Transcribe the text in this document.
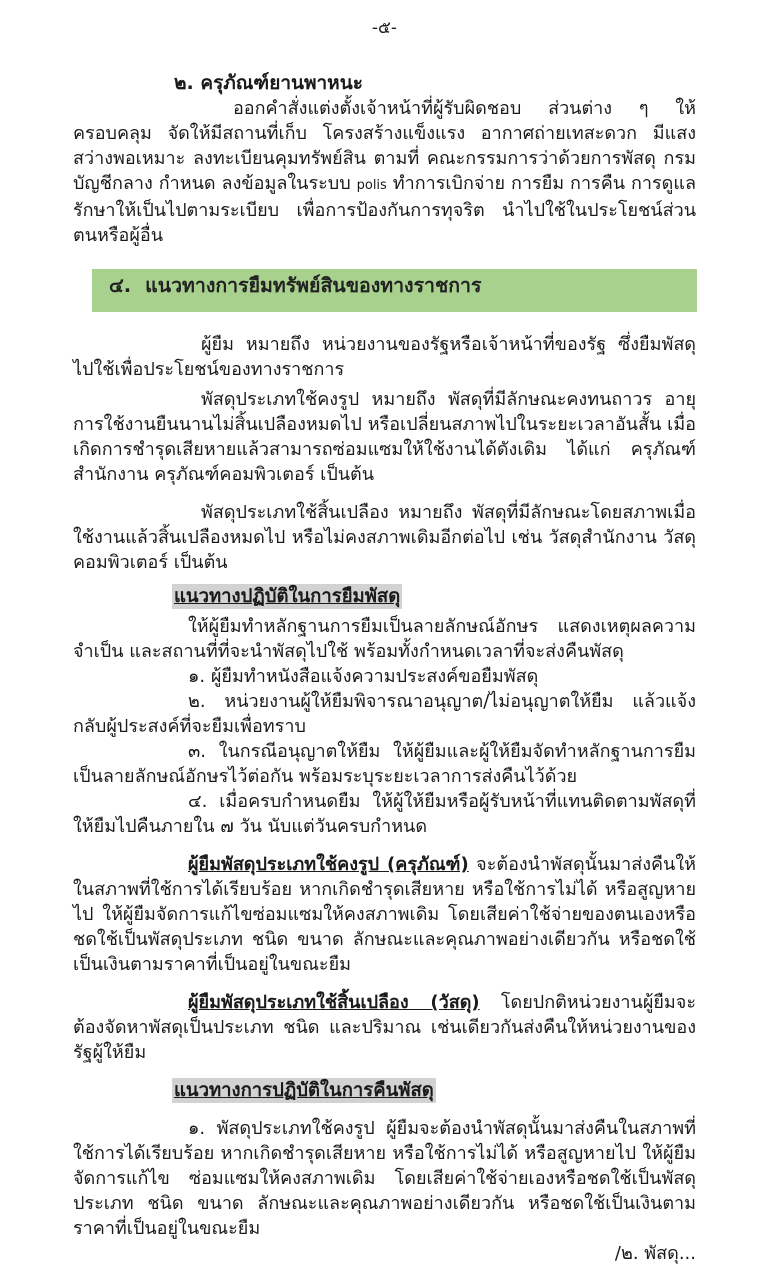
-๕-
๒. ครุภัณฑ์ยานพาหนะ

ออกคำสั่งแต่งตั้งเจ้าหน้าที่ผู้รับผิดชอบ ส่วนต่าง ๆ ให้ครอบคลุม จัดให้มีสถานที่เก็บ โครงสร้างแข็งแรง อากาศถ่ายเทสะดวก มีแสงสว่างพอเหมาะ ลงทะเบียนคุมทรัพย์สิน ตามที่ คณะกรรมการว่าด้วยการพัสดุ กรมบัญชีกลาง กำหนด ลงข้อมูลในระบบ polis ทำการเบิกจ่าย การยืม การคืน การดูแลรักษาให้เป็นไปตามระเบียบ เพื่อการป้องกันการทุจริต นำไปใช้ในประโยชน์ส่วนตนหรือผู้อื่น

๔. แนวทางการยืมทรัพย์สินของทางราชการ

ผู้ยืม หมายถึง หน่วยงานของรัฐหรือเจ้าหน้าที่ของรัฐ ซึ่งยืมพัสดุไปใช้เพื่อประโยชน์ของทางราชการ

พัสดุประเภทใช้คงรูป หมายถึง พัสดุที่มีลักษณะคงทนถาวร อายุการใช้งานยืนนานไม่สิ้นเปลืองหมดไป หรือเปลี่ยนสภาพไปในระยะเวลาอันสั้น เมื่อเกิดการชำรุดเสียหายแล้วสามารถซ่อมแซมให้ใช้งานได้ดังเดิม ได้แก่ ครุภัณฑ์สำนักงาน ครุภัณฑ์คอมพิวเตอร์ เป็นต้น

พัสดุประเภทใช้สิ้นเปลือง หมายถึง พัสดุที่มีลักษณะโดยสภาพเมื่อใช้งานแล้วสิ้นเปลืองหมดไป หรือไม่คงสภาพเดิมอีกต่อไป เช่น วัสดุสำนักงาน วัสดุคอมพิวเตอร์ เป็นต้น

แนวทางปฏิบัติในการยืมพัสดุ

ให้ผู้ยืมทำหลักฐานการยืมเป็นลายลักษณ์อักษร แสดงเหตุผลความจำเป็น และสถานที่ที่จะนำพัสดุไปใช้ พร้อมทั้งกำหนดเวลาที่จะส่งคืนพัสดุ

๑. ผู้ยืมทำหนังสือแจ้งความประสงค์ขอยืมพัสดุ

๒. หน่วยงานผู้ให้ยืมพิจารณาอนุญาต/ไม่อนุญาตให้ยืม แล้วแจ้งกลับผู้ประสงค์ที่จะยืมเพื่อทราบ

๓. ในกรณีอนุญาตให้ยืม ให้ผู้ยืมและผู้ให้ยืมจัดทำหลักฐานการยืมเป็นลายลักษณ์อักษรไว้ต่อกัน พร้อมระบุระยะเวลาการส่งคืนไว้ด้วย

๔. เมื่อครบกำหนดยืม ให้ผู้ให้ยืมหรือผู้รับหน้าที่แทนติดตามพัสดุที่ให้ยืมไปคืนภายใน ๗ วัน นับแต่วันครบกำหนด

ผู้ยืมพัสดุประเภทใช้คงรูป (ครุภัณฑ์) จะต้องนำพัสดุนั้นมาส่งคืนให้ในสภาพที่ใช้การได้เรียบร้อย หากเกิดชำรุดเสียหาย หรือใช้การไม่ได้ หรือสูญหายไป ให้ผู้ยืมจัดการแก้ไขซ่อมแซมให้คงสภาพเดิม โดยเสียค่าใช้จ่ายของตนเองหรือชดใช้เป็นพัสดุประเภท ชนิด ขนาด ลักษณะและคุณภาพอย่างเดียวกัน หรือชดใช้เป็นเงินตามราคาที่เป็นอยู่ในขณะยืม

ผู้ยืมพัสดุประเภทใช้สิ้นเปลือง (วัสดุ) โดยปกติหน่วยงานผู้ยืมจะต้องจัดหาพัสดุเป็นประเภท ชนิด และปริมาณ เช่นเดียวกันส่งคืนให้หน่วยงานของรัฐผู้ให้ยืม

แนวทางการปฏิบัติในการคืนพัสดุ

๑. พัสดุประเภทใช้คงรูป ผู้ยืมจะต้องนำพัสดุนั้นมาส่งคืนในสภาพที่ใช้การได้เรียบร้อย หากเกิดชำรุดเสียหาย หรือใช้การไม่ได้ หรือสูญหายไป ให้ผู้ยืมจัดการแก้ไข ซ่อมแซมให้คงสภาพเดิม โดยเสียค่าใช้จ่ายเองหรือชดใช้เป็นพัสดุประเภท ชนิด ขนาด ลักษณะและคุณภาพอย่างเดียวกัน หรือชดใช้เป็นเงินตามราคาที่เป็นอยู่ในขณะยืม

/๒. พัสดุ...
